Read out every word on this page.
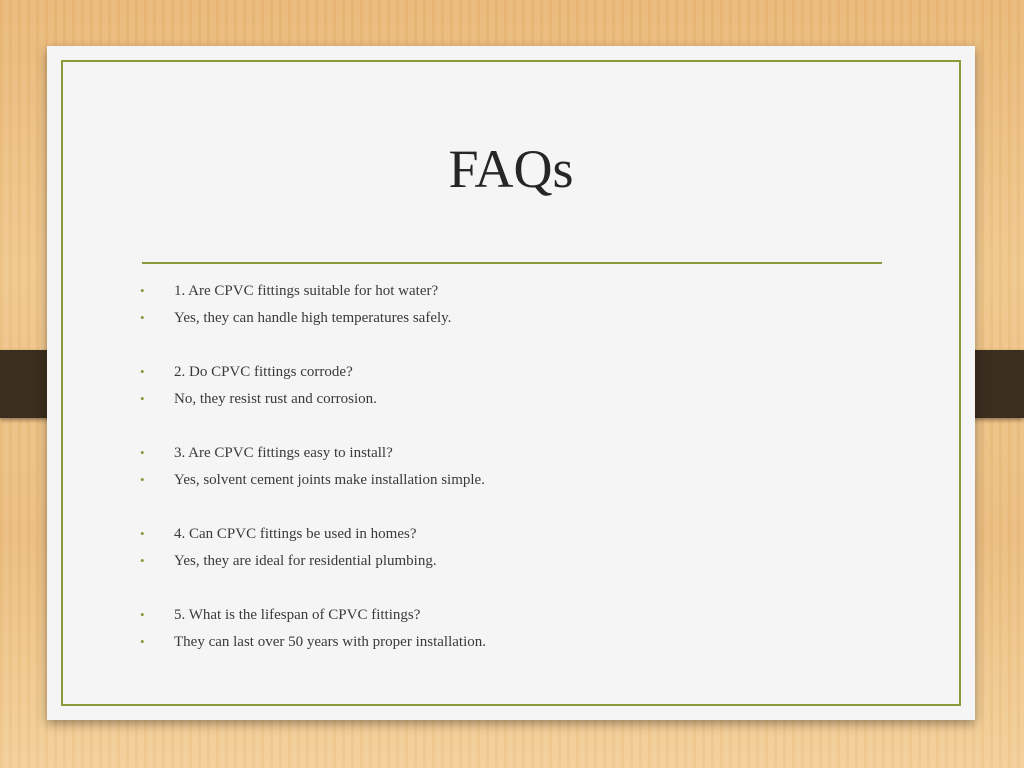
FAQs
• 1. Are CPVC fittings suitable for hot water?
• Yes, they can handle high temperatures safely.
• 2. Do CPVC fittings corrode?
• No, they resist rust and corrosion.
• 3. Are CPVC fittings easy to install?
• Yes, solvent cement joints make installation simple.
• 4. Can CPVC fittings be used in homes?
• Yes, they are ideal for residential plumbing.
• 5. What is the lifespan of CPVC fittings?
• They can last over 50 years with proper installation.
